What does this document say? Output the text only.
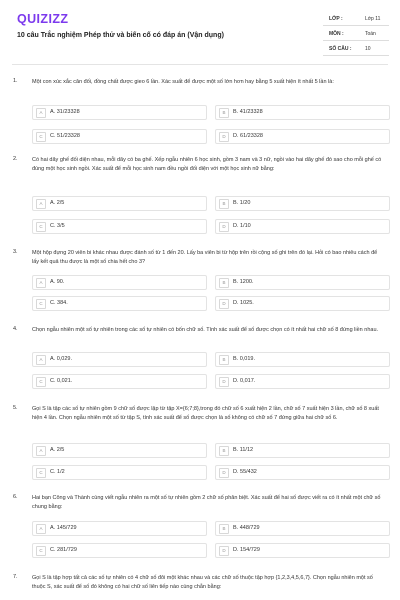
QUIZIZZ
10 câu Trắc nghiệm Phép thử và biến cố có đáp án (Vận dụng)
LỚP :	Lớp 11
MÔN :	Toán
SỐ CÂU :	10
1.	Một con xúc xắc cân đối, đồng chất được gieo 6 lần. Xác suất để được một số lớn hơn hay bằng 5 xuất hiện ít nhất 5 lần là:
A	A. 31/23328	B	B. 41/23328
C	C. 51/23328	D	D. 61/23328
2.	Có hai dãy ghế đối diện nhau, mỗi dãy có ba ghế. Xếp ngẫu nhiên 6 học sinh, gồm 3 nam và 3 nữ, ngồi vào hai dãy ghế đó sao cho mỗi ghế có đúng một học sinh ngồi. Xác suất để mỗi học sinh nam đều ngồi đối diện với một học sinh nữ bằng:
A	A. 2/5	B	B. 1/20
C	C. 3/5	D	D. 1/10
3.	Một hộp đựng 20 viên bi khác nhau được đánh số từ 1 đến 20. Lấy ba viên bi từ hộp trên rồi cộng số ghi trên đó lại. Hỏi có bao nhiêu cách để lấy kết quả thu được là một số chia hết cho 3?
A	A. 90.	B	B. 1200.
C	C. 384.	D	D. 1025.
4.	Chọn ngẫu nhiên một số tự nhiên trong các số tự nhiên có bốn chữ số. Tính xác suất để số được chọn có ít nhất hai chữ số 8 đứng liền nhau.
A	A. 0,029.	B	B. 0,019.
C	C. 0,021.	D	D. 0,017.
5.	Gọi S là tập các số tự nhiên gồm 9 chữ số được lập từ tập X={6;7;8},trong đó chữ số 6 xuất hiện 2 lần, chữ số 7 xuất hiện 3 lần, chữ số 8 xuất hiện 4 lần. Chọn ngẫu nhiên một số từ tập S, tính xác suất để số được chọn là số không có chữ số 7 đứng giữa hai chữ số 6.
A	A. 2/5	B	B. 11/12
C	C. 1/2	D	D. 55/432
6.	Hai bạn Công và Thành cùng viết ngẫu nhiên ra một số tự nhiên gồm 2 chữ số phân biệt. Xác suất để hai số được viết ra có ít nhất một chữ số chung bằng:
A	A. 145/729	B	B. 448/729
C	C. 281/729	D	D. 154/729
7.	Gọi S là tập hợp tất cả các số tự nhiên có 4 chữ số đôi một khác nhau và các chữ số thuộc tập hợp {1,2,3,4,5,6,7}. Chọn ngẫu nhiên một số thuộc S, xác suất để số đó không có hai chữ số liên tiếp nào cùng chẵn bằng:
